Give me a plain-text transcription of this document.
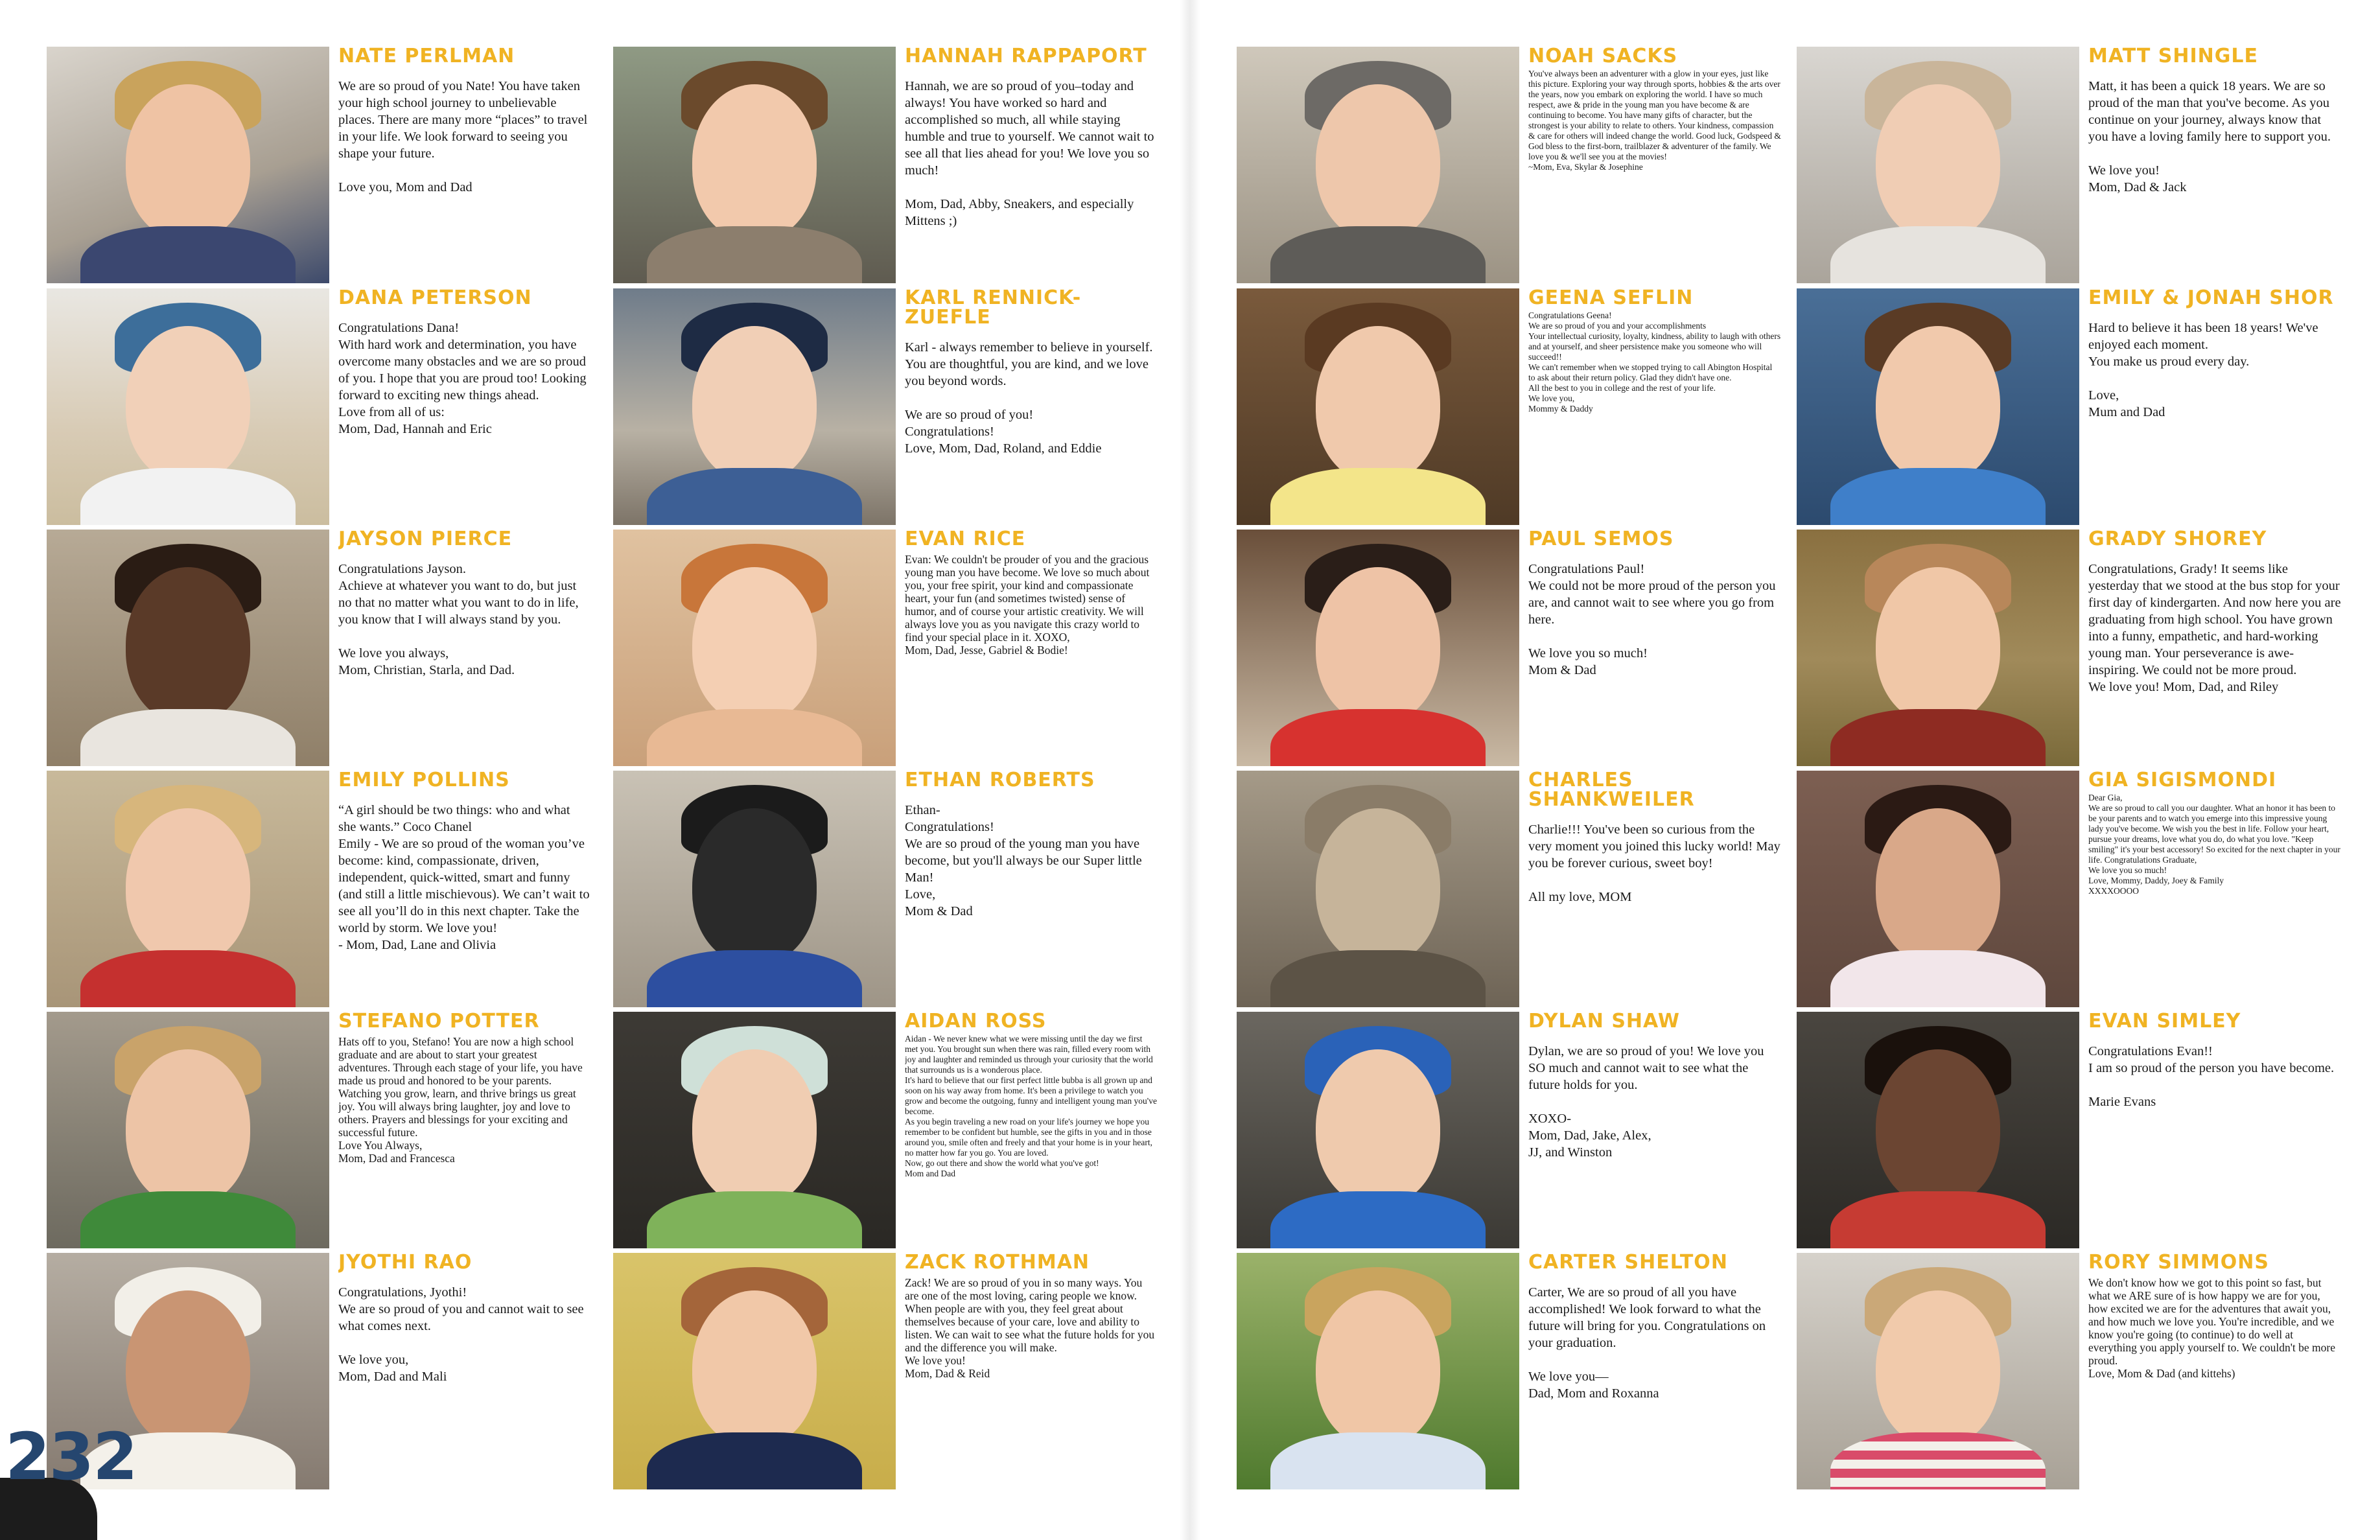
NATE PERLMAN

We are so proud of you Nate! You have taken your high school journey to unbelievable places. There are many more “places” to travel in your life. We look forward to seeing you shape your future.

Love you, Mom and Dad

DANA PETERSON

Congratulations Dana!
With hard work and determination, you have overcome many obstacles and we are so proud of you. I hope that you are proud too! Looking forward to exciting new things ahead.
Love from all of us:
Mom, Dad, Hannah and Eric

JAYSON PIERCE

Congratulations Jayson.
Achieve at whatever you want to do, but just no that no matter what you want to do in life, you know that I will always stand by you.

We love you always,
Mom, Christian, Starla, and Dad.

EMILY POLLINS

“A girl should be two things: who and what she wants.” Coco Chanel
Emily - We are so proud of the woman you’ve become: kind, compassionate, driven, independent, quick-witted, smart and funny (and still a little mischievous). We can’t wait to see all you’ll do in this next chapter. Take the world by storm. We love you!
- Mom, Dad, Lane and Olivia

STEFANO POTTER

Hats off to you, Stefano! You are now a high school graduate and are about to start your greatest adventures. Through each stage of your life, you have made us proud and honored to be your parents. Watching you grow, learn, and thrive brings us great joy. You will always bring laughter, joy and love to others. Prayers and blessings for your exciting and successful future.
Love You Always,
Mom, Dad and Francesca

JYOTHI RAO

Congratulations, Jyothi!
We are so proud of you and cannot wait to see what comes next.

We love you,
Mom, Dad and Mali

HANNAH RAPPAPORT

Hannah, we are so proud of you–today and always! You have worked so hard and accomplished so much, all while staying humble and true to yourself. We cannot wait to see all that lies ahead for you! We love you so much!

Mom, Dad, Abby, Sneakers, and especially Mittens ;)

KARL RENNICK-ZUEFLE

Karl - always remember to believe in yourself. You are thoughtful, you are kind, and we love you beyond words.

We are so proud of you!
Congratulations!
Love, Mom, Dad, Roland, and Eddie

EVAN RICE

Evan: We couldn't be prouder of you and the gracious young man you have become. We love so much about you, your free spirit, your kind and compassionate heart, your fun (and sometimes twisted) sense of humor, and of course your artistic creativity. We will always love you as you navigate this crazy world to find your special place in it. XOXO,
Mom, Dad, Jesse, Gabriel & Bodie!

ETHAN ROBERTS

Ethan-
Congratulations!
We are so proud of the young man you have become, but you'll always be our Super little Man!
Love,
Mom & Dad

AIDAN ROSS

Aidan - We never knew what we were missing until the day we first met you. You brought sun when there was rain, filled every room with joy and laughter and reminded us through your curiosity that the world that surrounds us is a wonderous place.
It's hard to believe that our first perfect little bubba is all grown up and soon on his way away from home. It's been a privilege to watch you grow and become the outgoing, funny and intelligent young man you've become.
As you begin traveling a new road on your life's journey we hope you remember to be confident but humble, see the gifts in you and in those around you, smile often and freely and that your home is in your heart, no matter how far you go. You are loved.
Now, go out there and show the world what you've got!
Mom and Dad

ZACK ROTHMAN

Zack! We are so proud of you in so many ways. You are one of the most loving, caring people we know. When people are with you, they feel great about themselves because of your care, love and ability to listen. We can wait to see what the future holds for you and the difference you will make.
We love you!
Mom, Dad & Reid

NOAH SACKS

You've always been an adventurer with a glow in your eyes, just like this picture. Exploring your way through sports, hobbies & the arts over the years, now you embark on exploring the world. I have so much respect, awe & pride in the young man you have become & are continuing to become. You have many gifts of character, but the strongest is your ability to relate to others. Your kindness, compassion & care for others will indeed change the world. Good luck, Godspeed & God bless to the first-born, trailblazer & adventurer of the family. We love you & we'll see you at the movies!
~Mom, Eva, Skylar & Josephine

GEENA SEFLIN

Congratulations Geena!
We are so proud of you and your accomplishments
Your intellectual curiosity, loyalty, kindness, ability to laugh with others and at yourself, and sheer persistence make you someone who will succeed!!
We can't remember when we stopped trying to call Abington Hospital to ask about their return policy. Glad they didn't have one.
All the best to you in college and the rest of your life.
We love you,
Mommy & Daddy

PAUL SEMOS

Congratulations Paul!
We could not be more proud of the person you are, and cannot wait to see where you go from here.

We love you so much!
Mom & Dad

CHARLES SHANKWEILER

Charlie!!! You've been so curious from the very moment you joined this lucky world! May you be forever curious, sweet boy!

All my love, MOM

DYLAN SHAW

Dylan, we are so proud of you! We love you SO much and cannot wait to see what the future holds for you.

XOXO-
Mom, Dad, Jake, Alex,
JJ, and Winston

CARTER SHELTON

Carter, We are so proud of all you have accomplished! We look forward to what the future will bring for you. Congratulations on your graduation.

We love you—
Dad, Mom and Roxanna

MATT SHINGLE

Matt, it has been a quick 18 years. We are so proud of the man that you've become. As you continue on your journey, always know that you have a loving family here to support you.

We love you!
Mom, Dad & Jack

EMILY & JONAH SHOR

Hard to believe it has been 18 years! We've enjoyed each moment.
You make us proud every day.

Love,
Mum and Dad

GRADY SHOREY

Congratulations, Grady! It seems like yesterday that we stood at the bus stop for your first day of kindergarten. And now here you are graduating from high school. You have grown into a funny, empathetic, and hard-working young man. Your perseverance is awe-inspiring. We could not be more proud.
We love you! Mom, Dad, and Riley

GIA SIGISMONDI

Dear Gia,
We are so proud to call you our daughter. What an honor it has been to be your parents and to watch you emerge into this impressive young lady you've become. We wish you the best in life. Follow your heart, pursue your dreams, love what you do, do what you love. "Keep smiling" it's your best accessory! So excited for the next chapter in your life. Congratulations Graduate,
We love you so much!
Love, Mommy, Daddy, Joey & Family
XXXXOOOO

EVAN SIMLEY

Congratulations Evan!!
I am so proud of the person you have become.

Marie Evans

RORY SIMMONS

We don't know how we got to this point so fast, but what we ARE sure of is how happy we are for you, how excited we are for the adventures that await you, and how much we love you. You're incredible, and we know you're going (to continue) to do well at everything you apply yourself to. We couldn't be more proud.
Love, Mom & Dad (and kittehs)

232
